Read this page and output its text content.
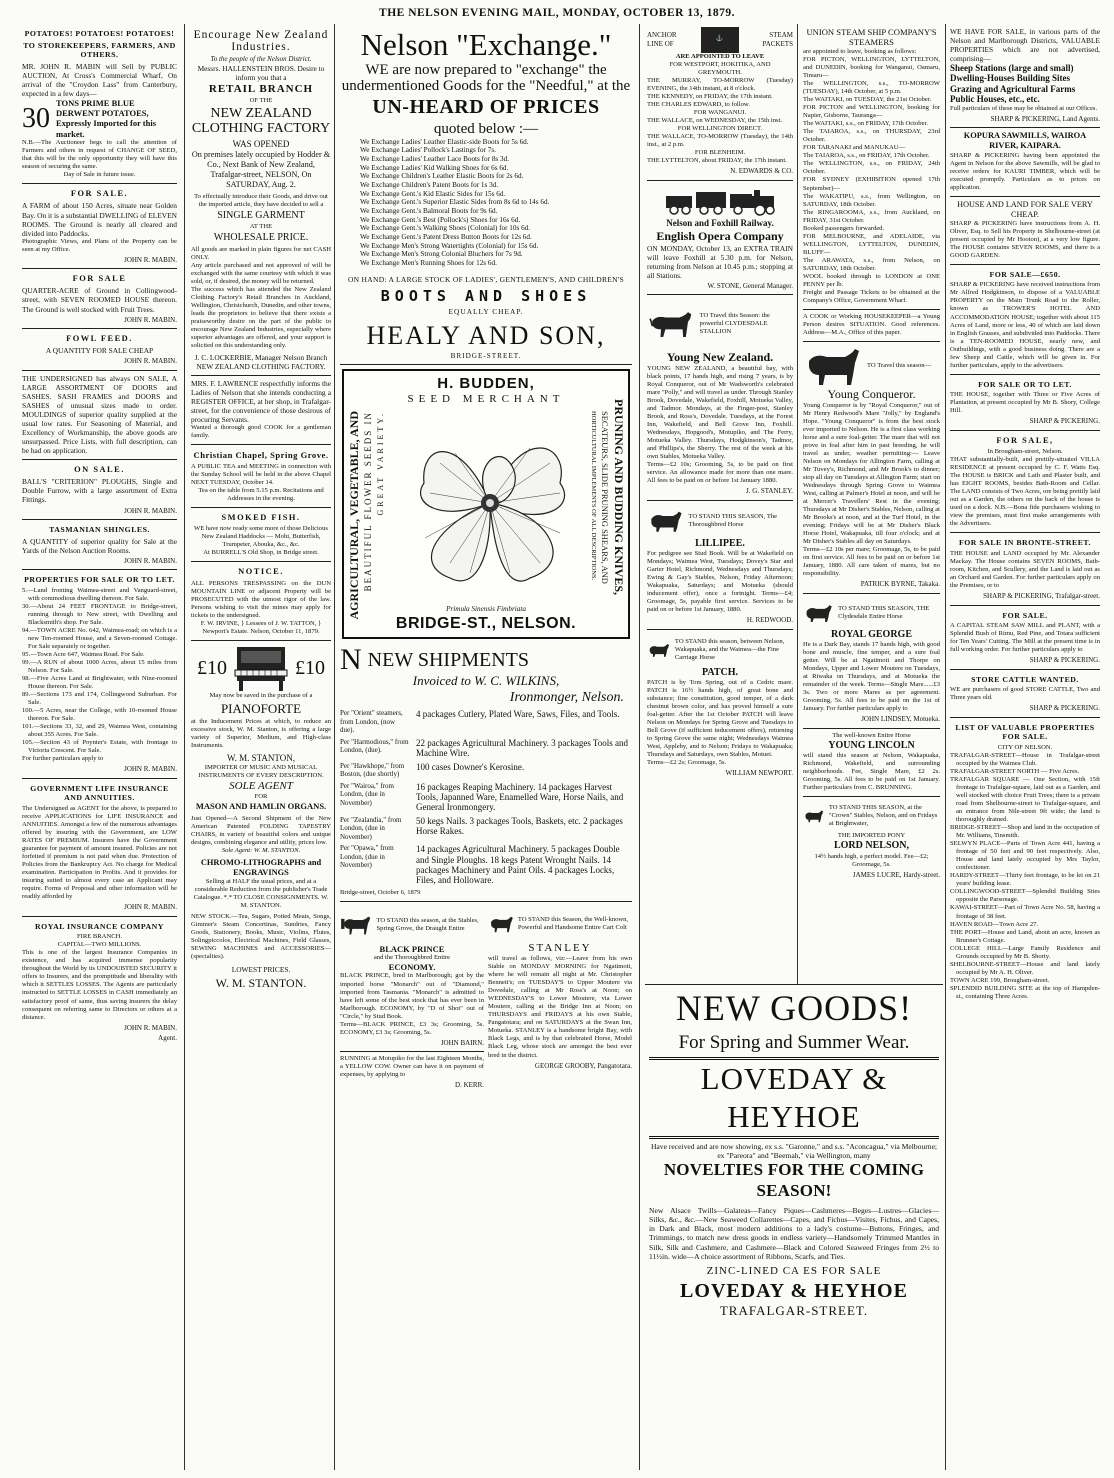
THE NELSON EVENING MAIL, MONDAY, OCTOBER 13, 1879.
POTATOES! POTATOES! POTATOES!
TO STOREKEEPERS, FARMERS, AND OTHERS.
MR. JOHN R. MABIN will Sell by PUBLIC AUCTION, At Cross's Commercial Wharf, On arrival of the "Croydon Lass" from Canterbury, expected in a few days—
30
TONS PRIME BLUE DERWENT POTATOES, Expressly Imported for this market.
N.B.—The Auctioneer begs to call the attention of Farmers and others in request of CHANGE OF SEED, that this will be the only opportunity they will have this season of securing the same.
Day of Sale in future issue.
FOR SALE.
A FARM of about 150 Acres, situate near Golden Bay. On it is a substantial DWELLING of ELEVEN ROOMS. The Ground is nearly all cleared and divided into Paddocks.
Photographic Views, and Plans of the Property can be seen at my Office.
JOHN R. MABIN.
FOR SALE
QUARTER-ACRE of Ground in Collingwood-street, with SEVEN ROOMED HOUSE thereon. The Ground is well stocked with Fruit Trees.
JOHN R. MABIN.
FOWL FEED.
A QUANTITY FOR SALE CHEAP
JOHN R. MABIN.
THE UNDERSIGNED has always ON SALE, A LARGE ASSORTMENT OF DOORS and SASHES. SASH FRAMES and DOORS and SASHES of unusual sizes made to order. MOULDINGS of superior quality supplied at the usual low rates. For Seasoning of Material, and Excellency of Workmanship, the above goods are unsurpassed. Price Lists, with full description, can be had on application.
ON SALE.
BALL'S "CRITERION" PLOUGHS, Single and Double Furrow, with a large assortment of Extra Fittings.
JOHN R. MABIN.
TASMANIAN SHINGLES.
A QUANTITY of superior quality for Sale at the Yards of the Nelson Auction Rooms.
JOHN R. MABIN.
PROPERTIES FOR SALE OR TO LET.
5.—Land fronting Waimea-street and Vanguard-street, with commodious dwelling thereon. For Sale.
30.—About 24 FEET FRONTAGE to Bridge-street, running through to New street, with Dwelling and Blacksmith's shop. For Sale.
94.—TOWN ACRE No. 642, Waimea-road; on which is a new Ten-roomed House, and a Seven-roomed Cottage. For Sale separately or together.
95.—Town Acre 647, Waimea Road. For Sale.
99.—A RUN of about 1000 Acres, about 15 miles from Nelson. For Sale.
98.—Five Acres Land at Brightwater, with Nine-roomed House thereon. For Sale.
89.—Sections 173 and 174, Collingwood Suburban. For Sale.
100.—5 Acres, near the College, with 10-roomed House thereon. For Sale.
101.—Sections 33, 32, and 29, Waimea West, containing about 355 Acres. For Sale.
105.—Section 43 of Poynter's Estate, with frontage to Victoria Crescent. For Sale.
For further particulars apply to
JOHN R. MABIN.
GOVERNMENT LIFE INSURANCE AND ANNUITIES.
The Undersigned as AGENT for the above, is prepared to receive APPLICATIONS for LIFE INSURANCE and ANNUITIES. Amongst a few of the numerous advantages offered by insuring with the Government, are LOW RATES OF PREMIUM. Insurers have the Government guarantee for payment of amount insured. Policies are not forfeited if premium is not paid when due. Protection of Policies from the Bankruptcy Act. No charge for Medical examination. Participation in Profits. And it provides for insuring suited to almost every case an Applicant may require. Forms of Proposal and other information will be readily afforded by
JOHN R. MABIN.
ROYAL INSURANCE COMPANY
FIRE BRANCH.
CAPITAL—TWO MILLIONS.
This is one of the largest Insurance Companies in existence, and has acquired immense popularity throughout the World by its UNDOUBTED SECURITY it offers to Insurers, and the promptitude and liberality with which it SETTLES LOSSES. The Agents are particularly instructed to SETTLE LOSSES in CASH immediately an satisfactory proof of same, thus saving insurers the delay consequent on referring same to Directors or others at a distance.
JOHN R. MABIN.
Agent.
Encourage New Zealand Industries.
To the people of the Nelson District.
Messrs. HALLENSTEIN BROS. Desire to inform you that a
RETAIL BRANCH
OF THE
NEW ZEALAND CLOTHING FACTORY
WAS OPENED
On premises lately occupied by Hodder & Co., Next Bank of New Zealand, Trafalgar-street, NELSON, On SATURDAY, Aug. 2.
To effectually introduce their Goods, and drive out the imported article, they have decided to sell a
SINGLE GARMENT
AT THE
WHOLESALE PRICE.
All goods are marked in plain figures for net CASH ONLY.
Any article purchased and not approved of will be exchanged with the same courtesy with which it was sold, or, if desired, the money will be returned.
The success which has attended the New Zealand Clothing Factory's Retail Branches in Auckland, Wellington, Christchurch, Dunedin, and other towns, leads the proprietors to believe that there exists a praiseworthy desire on the part of the public to encourage New Zealand Industries, especially where superior advantages are offered, and your support is solicited on this understanding only.
J. C. LOCKERBIE, Manager Nelson Branch NEW ZEALAND CLOTHING FACTORY.
MRS. F. LAWRENCE respectfully informs the Ladies of Nelson that she intends conducting a REGISTER OFFICE, at her shop, in Trafalgar-street, for the convenience of those desirous of procuring Servants.
Wanted a thorough good COOK for a gentleman family.
Christian Chapel, Spring Grove.
A PUBLIC TEA and MEETING in connection with the Sunday School will be held in the above Chapel NEXT TUESDAY, October 14.
Tea on the table from 5.15 p.m. Recitations and Addresses in the evening.
SMOKED FISH.
WE have now ready some more of those Delicious New Zealand Haddocks — Mohi, Butterfish, Trumpeter, Abouka, &c., &c.
At BURRELL'S Old Shop, in Bridge street.
NOTICE.
ALL PERSONS TRESPASSING on the DUN MOUNTAIN LINE or adjacent Property will be PROSECUTED with the utmost rigor of the law. Persons wishing to visit the mines may apply for tickets to the undersigned.
F. W. IRVINE, } Lessees of J. W. TATTON, } Newport's Estate. Nelson, October 11, 1879.
£10	£10
May now be saved in the purchase of a
PIANOFORTE
at the Inducement Prices at which, to reduce an excessive stock, W. M. Stanton, is offering a large variety of Superior, Medium, and High-class Instruments.
W. M. STANTON,
IMPORTER OF MUSIC AND MUSICAL INSTRUMENTS OF EVERY DESCRIPTION.
SOLE AGENT
FOR
MASON AND HAMLIN ORGANS.
Just Opened—A Second Shipment of the New American Patented FOLDING TAPESTRY CHAIRS, in variety of beautiful colors and unique designs, combining elegance and utility, prices low.
Sole Agent: W. M. STANTON.
CHROMO-LITHOGRAPHS and ENGRAVINGS
Selling at HALF the usual prices, and at a considerable Reduction from the publisher's Trade Catalogue. *.* TO CLOSE CONSIGNMENTS. W. M. STANTON.
NEW STOCK.—Tea, Sugars, Potted Meats, Songs, Gimmer's Steam Concertinas, Sundries, Fancy Goods, Stationery, Books, Music, Violins, Flutes, Solingpiccolos, Electrical Machines, Field Glasses, SEWING MACHINES and ACCESSORIES—(specialties).
LOWEST PRICES.
W. M. STANTON.
Nelson "Exchange."
WE are now prepared to "exchange" the undermentioned Goods for the "Needful," at the
UN-HEARD OF PRICES
quoted below :—
We Exchange Ladies' Leather Elastic-side Boots for 5s 6d.
We Exchange Ladies' Pollock's Lastings for 7s.
We Exchange Ladies' Leather Lace Boots for 8s 3d.
We Exchange Ladies' Kid Walking Shoes for 6s 6d.
We Exchange Children's Leather Elastic Boots for 2s 6d.
We Exchange Children's Patent Boots for 1s 3d.
We Exchange Gent.'s Kid Elastic Sides for 15s 6d.
We Exchange Gent.'s Superior Elastic Sides from 8s 6d to 14s 6d.
We Exchange Gent.'s Balmoral Boots for 9s 6d.
We Exchange Gent.'s Best (Pollock's) Shoes for 16s 6d.
We Exchange Gent.'s Walking Shoes (Colonial) for 10s 6d.
We Exchange Gent.'s Patent Dress Button Boots for 12s 6d.
We Exchange Men's Strong Watertights (Colonial) for 15s 6d.
We Exchange Men's Strong Colonial Bluchers for 7s 9d.
We Exchange Men's Running Shoes for 12s 6d.
ON HAND: A LARGE STOCK OF LADIES', GENTLEMEN'S, AND CHILDREN'S
BOOTS AND SHOES
EQUALLY CHEAP.
HEALY AND SON,
BRIDGE-STREET.
H. BUDDEN,
SEED MERCHANT
AGRICULTURAL, VEGETABLE, AND BEAUTIFUL FLOWER SEEDS IN GREAT VARIETY.	PRUNING AND BUDDING KNIVES,
SECATEURS, SLIDE PRUNING SHEARS, AND
HORTICULTURAL IMPLEMENTS OF ALL DESCRIPTIONS.
Primula Sinensis Fimbriata
BRIDGE-ST., NELSON.
N NEW SHIPMENTS
Invoiced to W. C. WILKINS,
Ironmonger, Nelson.
Per "Orient" steamers, from London, (now due).
4 packages Cutlery, Plated Ware, Saws, Files, and Tools.
Per "Harmodious," from London, (due).
22 packages Agricultural Machinery. 3 packages Tools and Machine Wire.
Per "Hawkhope," from Boston, (due shortly)
100 cases Downer's Kerosine.
Per "Wairoa," from London, (due in November)
16 packages Reaping Machinery. 14 packages Harvest Tools, Japanned Ware, Enamelled Ware, Horse Nails, and General Ironmongery.
Per "Zealandia," from London, (due in November)
50 kegs Nails. 3 packages Tools, Baskets, etc. 2 packages Horse Rakes.
Per "Opawa," from London, (due in November)
14 packages Agricultural Machinery. 5 packages Double and Single Ploughs. 18 kegs Patent Wrought Nails. 14 packages Machinery and Paint Oils. 4 packages Locks, Files, and Holloware.
Bridge-street, October 6, 1879
TO STAND this season, at the Stables, Spring Grove, the Draught Entire
BLACK PRINCE
and the Thoroughbred Entire
ECONOMY.
BLACK PRINCE, bred in Marlborough; got by the imported horse "Monarch" out of "Diamond," imported from Tasmania. "Monarch" is admitted to have left some of the best stock that has ever been in Marlborough. ECONOMY, by "D of Shot" out of "Circle," by Stud Book.
Terms—BLACK PRINCE, £3 3s; Grooming, 5s. ECONOMY, £3 3s; Grooming, 5s.
JOHN BAIRN.
RUNNING at Motupiko for the last Eighteen Months, a YELLOW COW. Owner can have it on payment of expenses, by applying to
D. KERR.
TO STAND this Season, the Well-known, Powerful and Handsome Entire Cart Colt
STANLEY
will travel as follows, viz:—Leave from his own Stable on MONDAY MORNING for Ngatimoti, where he will remain all night at Mr. Christopher Bennett's; on TUESDAY'S to Upper Moutere via Dovedale, calling at Mr Ross's at Noon; on WEDNESDAY'S to Lower Moutere, via Lower Moutere, calling at the Bridge Inn at Noon; on THURSDAYS and FRIDAYS at his own Stable, Pangatotara; and on SATURDAYS at the Swan Inn, Motueka. STANLEY is a handsome bright Bay, with Black Legs, and is by that celebrated Horse, Model Black Leg, whose stock are amongst the best ever bred in the district.
GEORGE GROOBY, Pangatotara.
ANCHOR
LINE OF
⚓	STEAM
PACKETS
ARE APPOINTED TO LEAVE
FOR WESTPORT, HOKITIKA, AND GREYMOUTH.
THE MURRAY, TO-MORROW (Tuesday) EVENING, the 14th instant, at 8 o'clock.
THE KENNEDY, on FRIDAY, the 17th instant.
THE CHARLES EDWARD, to follow.
FOR WANGANUI.
THE WALLACE, on WEDNESDAY, the 15th inst.
FOR WELLINGTON DIRECT.
THE WALLACE, TO-MORROW (Tuesday), the 14th inst., at 2 p.m.
FOR BLENHEIM.
THE LYTTELTON, about FRIDAY, the 17th instant.
N. EDWARDS & CO.
Nelson and Foxhill Railway.
English Opera Company
ON MONDAY, October 13, an EXTRA TRAIN will leave Foxhill at 5.30 p.m. for Nelson, returning from Nelson at 10.45 p.m.; stopping at all Stations.
W. STONE, General Manager.
TO Travel this Season: the powerful CLYDESDALE STALLION
Young New Zealand.
YOUNG NEW ZEALAND, a beautiful bay, with black points, 17 hands high, and rising 7 years, is by Royal Conqueror, out of Mr Wadsworth's celebrated mare "Polly," and will travel as under. Through Stanley Brook, Dovedale, Wakefield, Foxhill, Motueka Valley, and Tadmor. Mondays, at the Finger-post, Stanley Brook, and Ross's, Dovedale. Tuesdays, at the Forest Inn, Wakefield, and Bell Grove Inn, Foxhill. Wednesdays, Hopgood's, Motupiko, and The Ferry, Motueka Valley. Thursdays, Hodgkinson's, Tadmor, and Phillips's, the Sherry. The rest of the week at his own Stables, Motueka Valley.
Terms—£2 10s; Grooming, 5s, to be paid on first service. An allowance made for more than one mare. All fees to be paid on or before 1st January 1880.
J. G. STANLEY.
TO STAND THIS SEASON, The Thoroughbred Horse
LILLIPEE.
For pedigree see Stud Book. Will be at Wakefield on Mondays; Waimea West, Tuesdays; Dovey's Star and Garter Hotel, Richmond, Wednesdays and Thursdays; Ewing & Gay's Stables, Nelson, Friday Afternoon; Wakapuaka, Saturdays; and Motueka (should inducement offer), once a fortnight. Terms—£4; Groomage, 5s, payable first service. Services to be paid on or before 1st January, 1880.
H. REDWOOD.
TO STAND this season, between Nelson, Wakapuaka, and the Waimea—the Fine Carriage Horse
PATCH.
PATCH is by Tom Spring, out of a Cedric mare. PATCH is 16½ hands high, of great bone and substance; fine constitution, good temper, of a dark chestnut brown color, and has proved himself a sure foal-getter. After the 1st October PATCH will leave Nelson on Mondays for Spring Grove and Tuesdays to Bell Grove (if sufficient inducement offers), returning to Spring Grove the same night; Wednesdays Waimea West, Appleby, and to Nelson; Fridays to Wakapuaka; Thursdays and Saturdays, own Stables, Motuei.
Terms—£2 2s; Groomage, 5s.
WILLIAM NEWPORT.
UNION STEAM SHIP COMPANY'S STEAMERS
are appointed to leave, booking as follows:
FOR PICTON, WELLINGTON, LYTTELTON, and DUNEDIN, booking for Wanganui, Oamaru, Timaru—
The WELLINGTON, s.s., TO-MORROW (TUESDAY), 14th October, at 5 p.m.
The WAITAKI, on TUESDAY, the 21st October.
FOR PICTON and WELLINGTON, booking for Napier, Gisborne, Tauranga—
The WAITAKI, s.s., on FRIDAY, 17th October.
The TAIAROA, s.s., on THURSDAY, 23rd October.
FOR TARANAKI and MANUKAU—
The TAIAROA, s.s., on FRIDAY, 17th October.
The WELLINGTON, s.s., on FRIDAY, 24th October.
FOR SYDNEY (EXHIBITION opened 17th September)—
The WAKATIPU, s.s., from Wellington, on SATURDAY, 18th October.
The RINGAROOMA, s.s., from Auckland, on FRIDAY, 31st October.
Booked passengers forwarded.
FOR MELBOURNE, and ADELAIDE, via WELLINGTON, LYTTELTON, DUNEDIN, BLUFF—
The ARAWATA, s.s., from Nelson, on SATURDAY, 18th October.
WOOL booked through to LONDON at ONE PENNY per lb.
Freight and Passage Tickets to be obtained at the Company's Office, Government Wharf.
A COOK or Working HOUSEKEEPER—a Young Person desires SITUATION. Good references. Address—M.A., Office of this paper.
TO Travel this season—
Young Conqueror.
Young Conqueror is by "Royal Conqueror," out of Mr Henry Redwood's Mare "Jolly," by England's Hope. "Young Conqueror" is from the best stock ever imported to Nelson. He is a first class working horse and a sure foal-getter. The mare that will not prove in foal after him in past breeding, he will travel as under, weather permitting:— Leave Nelson on Mondays for Allington Farm, calling at Mr Tuvey's, Richmond, and Mr Brook's to dinner; stop all day on Tuesdays at Allington Farm; start on Wednesdays through Spring Grove to Waimea West, calling at Palmer's Hotel at noon, and will be at Mercer's Travellers' Rest in the evening; Thursdays at Mr Disher's Stables, Nelson, calling at Mr Brooks's at noon, and at the Turf Hotel, in the evening; Fridays will be at Mr Disher's Black Horse Hotel, Wakapuaka, till four o'clock; and at Mr Disher's Stables all day on Saturdays.
Terms—£2 10s per mare; Groomage, 5s, to be paid on first service. All fees to be paid on or before 1st January, 1880. All care taken of mares, but no responsibility.
PATRICK BYRNE, Takaka.
TO STAND THIS SEASON, THE Clydesdale Entire Horse
ROYAL GEORGE
He is a Dark Bay, stands 17 hands high, with good bone and muscle, fine temper, and a sure foal getter. Will be at Ngatimoti and Thorpe on Mondays, Upper and Lower Moutere on Tuesdays, at Riwaka on Thursdays, and at Motueka the remainder of the week. Terms—Single Mare......£3 3s. Two or more Mares as per agreement. Grooming, 5s. All fees to be paid on the 1st of January. For further particulars apply to
JOHN LINDSEY, Motueka.
The well-known Entire Horse
YOUNG LINCOLN
will stand this season at Nelson, Wakapuaka, Richmond, Wakefield, and surrounding neighborhoods. Fee, Single Mare, £2 2s. Grooming, 5s. All fees to be paid on 1st January. Further particulars from C. BRUNNING.
TO STAND THIS SEASON, at the "Crown" Stables, Nelson, and on Fridays at Brightwater,
THE IMPORTED PONY
LORD NELSON,
14½ hands high, a perfect model. Fee—£2; Groomage, 5s.
JAMES LUCRE, Hardy-street.
NEW GOODS!
For Spring and Summer Wear.
LOVEDAY & HEYHOE
Have received and are now showing, ex s.s. "Garonne," and s.s. "Aconcagua," via Melbourne; ex "Pareora" and "Beemah," via Wellington, many
NOVELTIES FOR THE COMING SEASON!
New Alsace Twills—Galateas—Fancy Piques—Cashmeres—Beges—Lustres—Glacies—Silks, &c., &c.—New Seaweed Collarettes—Capes, and Fichus—Visites, Fichus, and Capes, in Dark and Black, most modern additions to a lady's costume—Buttons, Fringes, and Trimmings, to match new dress goods in endless variety—Handsomely Trimmed Mantles in Silk, Silk and Cashmere, and Cashmere—Black and Colored Seaweed Fringes from 2½ to 11½in. wide—A choice assortment of Ribbons, Scarfs, and Ties.
ZINC-LINED CA ES FOR SALE
LOVEDAY & HEYHOE
TRAFALGAR-STREET.
WE HAVE FOR SALE, in various parts of the Nelson and Marlborough Districts, VALUABLE PROPERTIES which are not advertised, comprising—
Sheep Stations (large and small) Dwelling-Houses Building Sites Grazing and Agricultural Farms Public Houses, etc., etc.
Full particulars of these may be obtained at our Offices.
SHARP & PICKERING, Land Agents.
KOPURA SAWMILLS, WAIROA RIVER, KAIPARA.
SHARP & PICKERING having been appointed the Agent in Nelson for the above Sawmills, will be glad to receive orders for KAURI TIMBER, which will be executed promptly. Particulars as to prices on application.
HOUSE AND LAND FOR SALE VERY CHEAP.
SHARP & PICKERING have instructions from A. H. Oliver, Esq. to Sell his Property in Shelbourne-street (at present occupied by Mr Hooton), at a very low figure. The HOUSE contains SEVEN ROOMS, and there is a GOOD GARDEN.
FOR SALE—£650.
SHARP & PICKERING have received instructions from Mr Alfred Hodgkinson, to dispose of a VALUABLE PROPERTY on the Main Trunk Road to the Roller, known as TROWER'S HOTEL AND ACCOMMODATION HOUSE; together with about 115 Acres of Land, more or less, 40 of which are laid down in English Grasses, and subdivided into Paddocks. There is a TEN-ROOMED HOUSE, nearly new, and Outbuildings, with a good business doing. There are a few Sheep and Cattle, which will be given in. For further particulars, apply to the advertisers.
FOR SALE OR TO LET.
THE HOUSE, together with Three or Five Acres of Plantation, at present occupied by Mr B. Shory, College Hill.
SHARP & PICKERING.
FOR SALE,
In Brougham-street, Nelson.
THAT substantially-built, and prettily-situated VILLA RESIDENCE at present occupied by C. F. Watts Esq. The HOUSE is BRICK and Lath and Plaster built, and has EIGHT ROOMS, besides Bath-Room and Cellar. The LAND consists of Two Acres, ore being prettily laid out as a Garden, the others on the back of the house is used on a dock. N.B.—Bona fide purchasers wishing to view the premises, must first make arrangements with the Advertisers.
FOR SALE IN BRONTE-STREET.
THE HOUSE and LAND occupied by Mr. Alexander Mackay. The House contains SEVEN ROOMS, Bath-room, Kitchen, and Scullery, and the Land is laid out as an Orchard and Garden. For further particulars apply on the Premises, or to
SHARP & PICKERING, Trafalgar-street.
FOR SALE.
A CAPITAL STEAM SAW MILL and PLANT, with a Splendid Bush of Rimu, Red Pine, and Totara sufficient for Ten Years' Cutting. The Mill at the present time is in full working order. For further particulars apply to
SHARP & PICKERING.
STORE CATTLE WANTED.
WE are purchasers of good STORE CATTLE, Two and Three years old.
SHARP & PICKERING.
LIST OF VALUABLE PROPERTIES FOR SALE.
CITY OF NELSON.
TRAFALGAR-STREET—House in Trafalgar-street occupied by the Waimea Club.
TRAFALGAR-STREET NORTH — Five Acres.
TRAFALGAR SQUARE — One Section, with 15ft frontage to Trafalgar-square, laid out as a Garden, and well stocked with choice Fruit Trees; there is a private road from Shelbourne-street to Trafalgar-square, and an entrance from Nile-street 9ft wide; the land is thoroughly drained.
BRIDGE-STREET—Shop and land in the occupation of Mr. Williams, Tinsmith.
SELWYN PLACE—Parts of Town Acre 441, having a frontage of 50 feet and 90 feet respectively. Also, House and land lately occupied by Mrs Taylor, confectioner.
HARDY-STREET—Thirty feet frontage, to be let on 21 years' building lease.
COLLINGWOOD-STREET—Splendid Building Sites opposite the Parsonage.
KAWAI-STREET—Part of Town Acre No. 58, having a frontage of 38 feet.
HAVEN ROAD—Town Acre 27.
THE PORT—House and Land, about an acre, known as Brunner's Cottage.
COLLEGE HILL—Large Family Residence and Grounds occupied by Mr B. Shorty.
SHELBOURNE-STREET—House and land lately occupied by Mr A. H. Oliver.
TOWN ACRE 199, Brougham-street.
SPLENDID BUILDING SITE at the top of Hampden-st., containing Three Acres.
